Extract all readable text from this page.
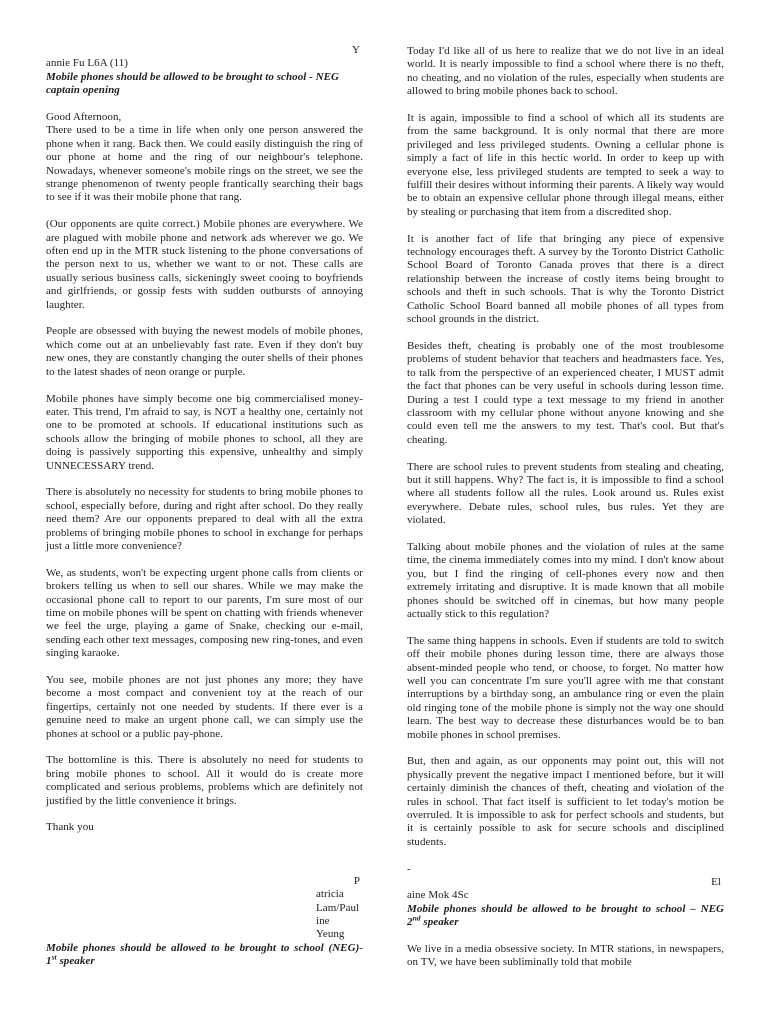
Y
annie Fu L6A (11)
Mobile phones should be allowed to be brought to school - NEG
captain opening
Good Afternoon,
There used to be a time in life when only one person answered the phone when it rang. Back then. We could easily distinguish the ring of our phone at home and the ring of our neighbour's telephone. Nowadays, whenever someone's mobile rings on the street, we see the strange phenomenon of twenty people frantically searching their bags to see if it was their mobile phone that rang.
(Our opponents are quite correct.) Mobile phones are everywhere. We are plagued with mobile phone and network ads wherever we go. We often end up in the MTR stuck listening to the phone conversations of the person next to us, whether we want to or not. These calls are usually serious business calls, sickeningly sweet cooing to boyfriends and girlfriends, or gossip fests with sudden outbursts of annoying laughter.
People are obsessed with buying the newest models of mobile phones, which come out at an unbelievably fast rate. Even if they don't buy new ones, they are constantly changing the outer shells of their phones to the latest shades of neon orange or purple.
Mobile phones have simply become one big commercialised money-eater. This trend, I'm afraid to say, is NOT a healthy one, certainly not one to be promoted at schools. If educational institutions such as schools allow the bringing of mobile phones to school, all they are doing is passively supporting this expensive, unhealthy and simply UNNECESSARY trend.
There is absolutely no necessity for students to bring mobile phones to school, especially before, during and right after school. Do they really need them? Are our opponents prepared to deal with all the extra problems of bringing mobile phones to school in exchange for perhaps just a little more convenience?
We, as students, won't be expecting urgent phone calls from clients or brokers telling us when to sell our shares. While we may make the occasional phone call to report to our parents, I'm sure most of our time on mobile phones will be spent on chatting with friends whenever we feel the urge, playing a game of Snake, checking our e-mail, sending each other text messages, composing new ring-tones, and even singing karaoke.
You see, mobile phones are not just phones any more; they have become a most compact and convenient toy at the reach of our fingertips, certainly not one needed by students. If there ever is a genuine need to make an urgent phone call, we can simply use the phones at school or a public pay-phone.
The bottomline is this. There is absolutely no need for students to bring mobile phones to school. All it would do is create more complicated and serious problems, problems which are definitely not justified by the little convenience it brings.
Thank you
P
atricia
Lam/Paul
ine
Yeung
Mobile phones should be allowed to be brought to school (NEG)-
1st speaker
Today I'd like all of us here to realize that we do not live in an ideal world. It is nearly impossible to find a school where there is no theft, no cheating, and no violation of the rules, especially when students are allowed to bring mobile phones back to school.
It is again, impossible to find a school of which all its students are from the same background. It is only normal that there are more privileged and less privileged students. Owning a cellular phone is simply a fact of life in this hectic world. In order to keep up with everyone else, less privileged students are tempted to seek a way to fulfill their desires without informing their parents. A likely way would be to obtain an expensive cellular phone through illegal means, either by stealing or purchasing that item from a discredited shop.
It is another fact of life that bringing any piece of expensive technology encourages theft. A survey by the Toronto District Catholic School Board of Toronto Canada proves that there is a direct relationship between the increase of costly items being brought to schools and theft in such schools. That is why the Toronto District Catholic School Board banned all mobile phones of all types from school grounds in the district.
Besides theft, cheating is probably one of the most troublesome problems of student behavior that teachers and headmasters face. Yes, to talk from the perspective of an experienced cheater, I MUST admit the fact that phones can be very useful in schools during lesson time. During a test I could type a text message to my friend in another classroom with my cellular phone without anyone knowing and she could even tell me the answers to my test. That's cool. But that's cheating.
There are school rules to prevent students from stealing and cheating, but it still happens. Why? The fact is, it is impossible to find a school where all students follow all the rules. Look around us. Rules exist everywhere. Debate rules, school rules, bus rules. Yet they are violated.
Talking about mobile phones and the violation of rules at the same time, the cinema immediately comes into my mind. I don't know about you, but I find the ringing of cell-phones every now and then extremely irritating and disruptive. It is made known that all mobile phones should be switched off in cinemas, but how many people actually stick to this regulation?
The same thing happens in schools. Even if students are told to switch off their mobile phones during lesson time, there are always those absent-minded people who tend, or choose, to forget. No matter how well you can concentrate I'm sure you'll agree with me that constant interruptions by a birthday song, an ambulance ring or even the plain old ringing tone of the mobile phone is simply not the way one should learn. The best way to decrease these disturbances would be to ban mobile phones in school premises.
But, then and again, as our opponents may point out, this will not physically prevent the negative impact I mentioned before, but it will certainly diminish the chances of theft, cheating and violation of the rules in school. That fact itself is sufficient to let today's motion be overruled. It is impossible to ask for perfect schools and students, but it is certainly possible to ask for secure schools and disciplined students.
-
El
aine Mok 4Sc
Mobile phones should be allowed to be brought to school – NEG
2nd speaker
We live in a media obsessive society. In MTR stations, in newspapers, on TV, we have been subliminally told that mobile
